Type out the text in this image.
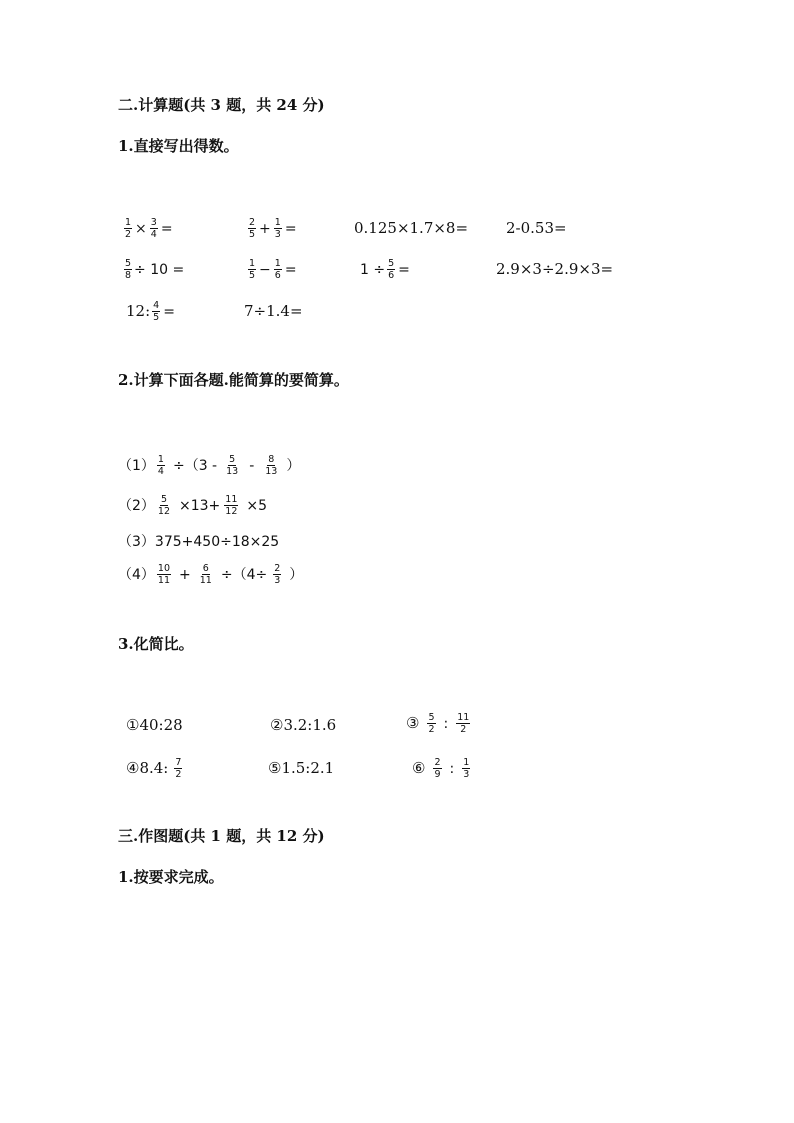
二.计算题(共 3 题，共 24 分)
1.直接写出得数。
$\frac{1}{2} \times \frac{3}{4}$ =	$\frac{2}{5} + \frac{1}{3}$ =	0.125×1.7×8=	2-0.53=
$\frac{5}{8} \div 10$ =	$\frac{1}{5} - \frac{1}{6}$ =	$1 \div \frac{5}{6}$ =	2.9×3÷2.9×3=
12: $\frac{4}{5}$ =	7÷1.4=
2.计算下面各题.能简算的要简算。
$(1) \frac{1}{4} \div(3 - \frac{5}{13} - \frac{8}{13}$ ）
$(2) \frac{5}{12} \times 13+ \frac{11}{12} \times 5$
（3）375+450÷18×25
$(4) \frac{10}{11} + \frac{6}{11} \div(4\div \frac{2}{3}$ ）
3.化简比。
①40:28	②3.2:1.6	③ $\frac{5}{2}$ : $\frac{11}{2}$
④8.4: $\frac{7}{2}$	⑤1.5:2.1	⑥ $\frac{2}{9}$ : $\frac{1}{3}$
三.作图题(共 1 题，共 12 分)
1.按要求完成。
